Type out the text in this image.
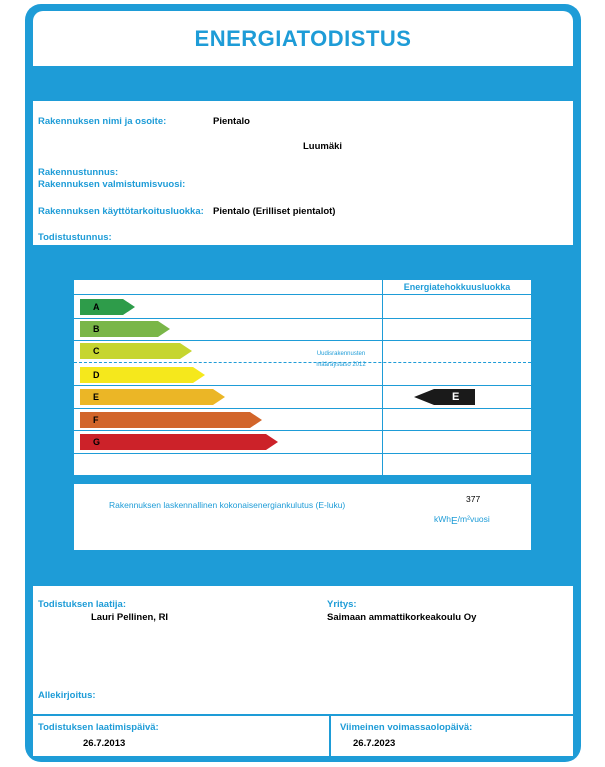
ENERGIATODISTUS
Rakennuksen nimi ja osoite:	Pientalo
Luumäki
Rakennustunnus:
Rakennuksen valmistumisvuosi:
Rakennuksen käyttötarkoitusluokka: Pientalo (Erilliset pientalot)
Todistustunnus:
Energiatehokkuusluokka
Uudisrakennusten määräystaso 2012
A
B
C
D
E
F
G
E
Rakennuksen laskennallinen kokonaisenergiankulutus (E-luku)
377
kWhE/m²vuosi
Todistuksen laatija:
Lauri Pellinen, RI
Yritys:
Saimaan ammattikorkeakoulu Oy
Allekirjoitus:
Todistuksen laatimispäivä:
26.7.2013
Viimeinen voimassaolopäivä:
26.7.2023
